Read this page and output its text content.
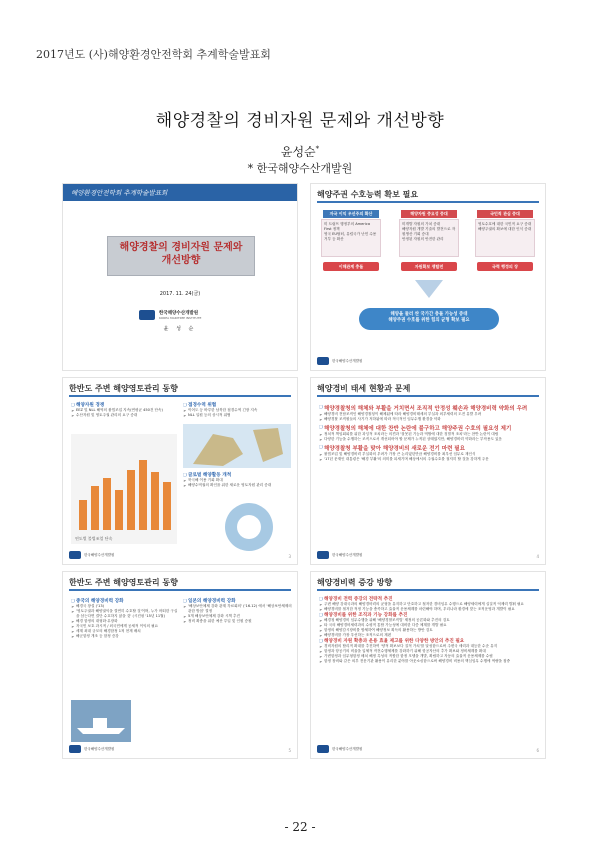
2017년도 (사)해양환경안전학회 추계학술발표회
해양경찰의 경비자원 문제와 개선방향
윤성순*
* 한국해양수산개발원
해양환경안전학회 추계학술발표회
해양경찰의 경비자원 문제와
개선방향
2017. 11. 24(금)
한국해양수산개발원
KOREA MARITIME INSTITUTE
윤 성 순
해양주권 수호능력 확보 필요
자국 이익 우선주의 확산	해양자원 중요성 증대	국민적 관심 증대
미 트럼프 행정부의 America First 정책
영국 EU탈퇴, 유럽국가 난민 수용 거부 등 확산
미개발 자원의 가치 증대
해양자원 개발 기술의 발전으로 자원생산 기회 증대
안정된 자원의 안전한 관리
영토수호에 대한 국민적 요구 증대
해양주권의 확보에 대한 인식 증대
이해관계 충돌	자원확보 쟁탈전	국력 행정의 장
해양을 둘러 싼 국가간 충돌 가능성 증대
해양주권 수호를 위한 힘의 균형 확보 필요
한국해양수산개발원
한반도 주변 해양영토관리 동향
❑ 해양자원 경쟁
➢ EEZ 및 NLL 해역의 불법조업 지속(연평균 450건 단속)
➢ 수산자원 및 영토주권 관리의 요구 증대
연도별 불법조업 단속
❑ 접경수역 위협
➢ 이어도 등 바루한 남북한 접경수역 긴장 지속
➢ NLL 일원 등의 상시적 위협
❑ 글로벌 해양활동 개척
➢ 북극해 이용 기회 확대
➢ 해양수역권의 확인을 위한 새로운 영토자원 관리 증대
한국해양수산개발원	3
해양경비 태세 현황과 문제
❑ 해양경찰청의 해체와 부활을 거치면서 조직적 안정성 훼손과 해양경비력 약화의 우려
➢ 해양경비 전담조직인 해양경찰청이 해체됨에 따라 해양경비태세의 부실과 외부세력의 도전 유발 우려
➢ 해양경찰 조직원들의 사기가 저하됨에 따라 적극적인 임무수행 환경을 악화
❑ 해양경찰청의 해체에 대한 찬반 논란에 불구하고 해양주권 수호의 필요성 제기
➢ 정치적 책임회피를 위한 과잉적 조치라는 의견과 '잘못된 기능과 역할에 대한 징벌적 조치'라는 찬반 논란이 대립
➢ 다양한 기능을 수행하는 조직으로서 개선되어야 할 문제가 누적된 상태였지만, 해양경비력 약화라는 부작용도 있음
❑ 해양경찰청 부활을 맞아 해양경비의 새로운 전기 마련 필요
➢ 불법조업 및 해양경비력 부실화의 우려가 가장 큰 논리였던만큼 해양경비를 최우선 임무로 재인식
➢ '17년 문재인 대통령은 '해경 부활'의 의미를 되새기며 해상에서의 주권수호를 절저히 할 것을 강하게 주문
한국해양수산개발원	4
한반도 주변 해양영토관리 동향
❑ 중국의 해양경비력 강화
➢ 해경국 창설 ('13)
➢ '영토주권과 해양권익을 결연히 수호할 것'이며, 누가 어떠한 구실을 삼는다면 결단 수호하지 않을 것' (시진핑 '15년 11월)
➢ 해경 함정의 대형화·무장화
➢ 자국민 보호 과시적 / 외국민에게 공세적 이익의 필요
➢ 세계 최대 규모의 해경함정 1척 현재 배치
➢ 해군함정 개조 등 함정 증강
❑ 일본의 해양경비력 강화
➢ '해상보안체제 강화 관계 각료회의' ('16.12) 에서 '해상보안체제의 관한 방침' 결정
➢ 5개 해상보안체제 강화 시책 추진
➢ 정비 확충을 위한 예산 투입 및 인원 증원
한국해양수산개발원	5
해양경비력 증강 방향
❑ 해양경비 전력 증강의 전략적 추진
➢ 주변 해양 강대국과의 해양경비력의 균형을 유지하고 단호하고 철저한 경비임무 수행으로 해양세력에게 실질적 억제력 발휘 필요
➢ 해양경비를 철저한 적정 기능을 충족하고 효율적 운용체계를 마련해야 하며, 우리나라 환경에 맞는 조직운영과 개발이 필요
❑ 해양경비를 위한 조직과 기능 강화를 추진
➢ 해경청 해양경비 임무수행을 위해 '해양경찰조직법' 제정의 공론화와 추진의 검토
➢ 타 국의 해양경비세력과의 수평적 통합 가능성에 대비한 다층 체계를 개발 필요
➢ 함정의 해양감시장비를 합체하여 해양정보 획득의 활용하는 방안 검토
➢ 해양경비를 가장 우선하는 조직으로의 재편
❑ 해양경비 자원 확충과 운용 효율 제고를 위한 다양한 방안의 추진 필요
➢ 경비자원의 합리적 확대를 추진하여 '양적 확보보다 질적 가치'를 달성함으로써 주변국 세력과 대등한 수준 유지
➢ 함정과 항공기의 비율을 입체적 작전수행체제를 강화하기 위해 항공자산의 추가 확보와 정비체계를 확대
➢ 가변함정과 임무형함정 배치 해정 특성의 적합한 함정 모델을 개발, 확립하고 자동의 효율적 운용체제를 수립
➢ 함정 장비와 같은 외부 전문기관 활용이 유리한 분야를 아웃소싱함으로써 해양경비 비용의 핵심임무 수행에 역량을 집중
한국해양수산개발원	6
- 22 -
